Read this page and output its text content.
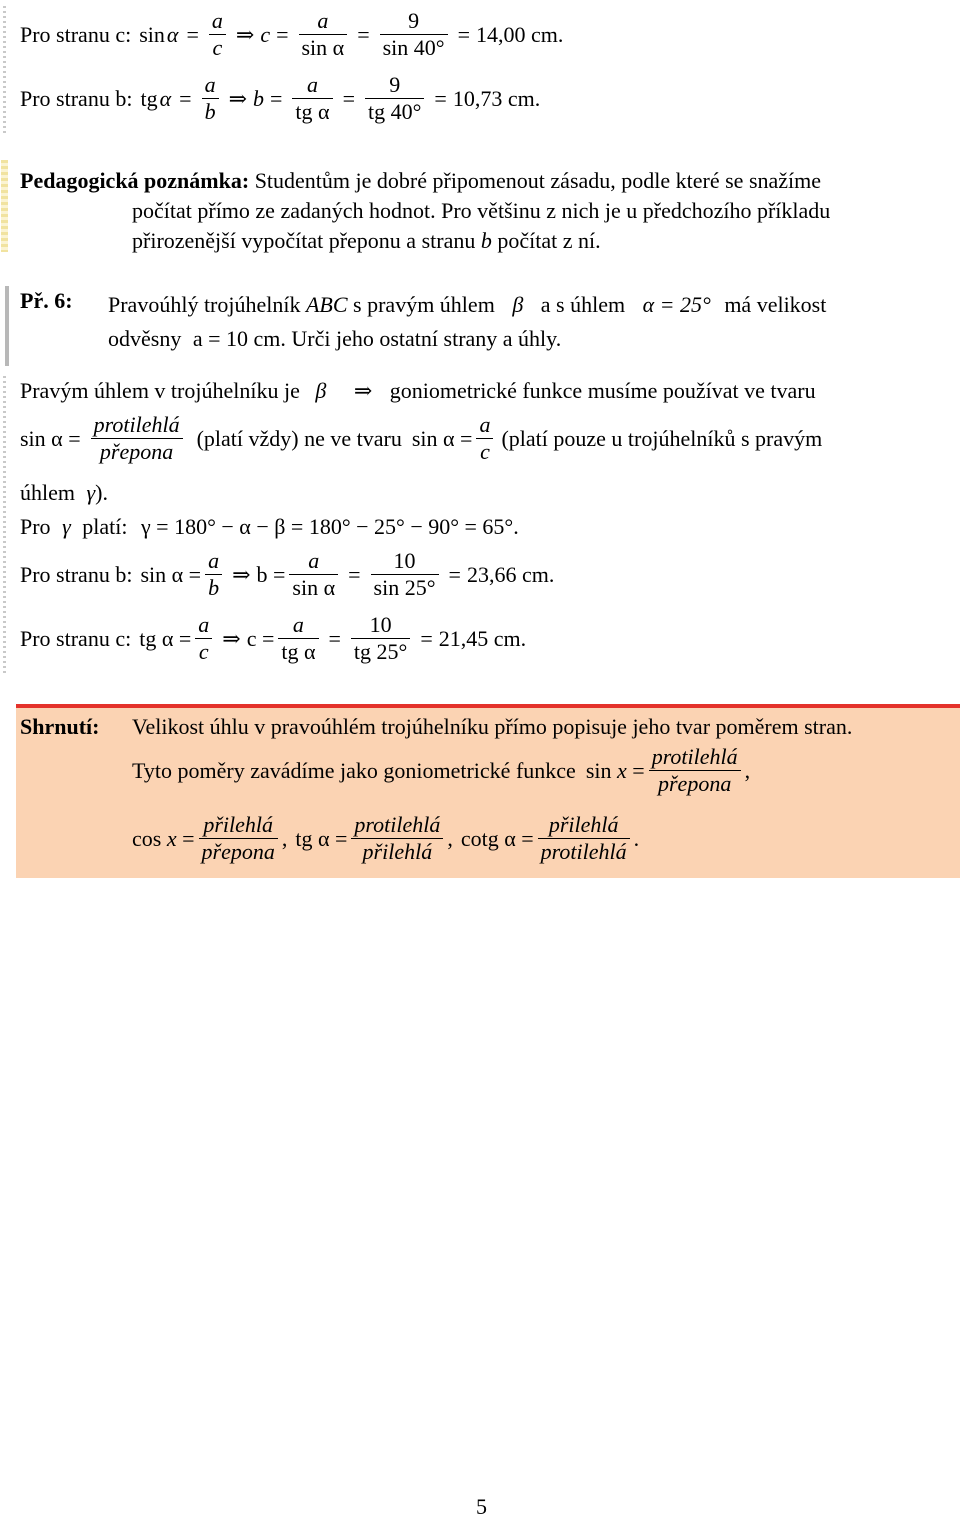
Pro stranu c: $\sin \alpha = \frac{a}{c}$ ⇒ $c = \frac{a}{\text{sin α}} = \frac{9}{\sin 40^\circ} = 14,00$ cm.
Pro stranu b: tg $\alpha = \frac{a}{b}$ ⇒ $b = \frac{a}{\text{tg α}} = \frac{9}{tg 40^\circ} = 10,73$ cm.
Pedagogická poznámka: Studentům je dobré připomenout zásadu, podle které se snažíme
počítat přímo ze zadaných hodnot. Pro většinu z nich je u předchozího příkladu
přirozenější vypočítat přeponu a stranu b počítat z ní.
Př. 6: Pravoúhlý trojúhelník ABC s pravým úhlem β a s úhlem α = 25° má velikost
odvěsny a = 10 cm. Urči jeho ostatní strany a úhly.
Pravým úhlem v trojúhelníku je β ⇒ goniometrické funkce musíme používat ve tvaru
$\sin \alpha = \frac{\text{protilehlá}}{\text{přepona}}$ (platí vždy) ne ve tvaru $\sin \alpha = \frac{a}{c}$ (platí pouze u trojúhelníků s pravým
úhlem γ).
Pro γ platí: γ = 180° − α − β = 180° − 25° − 90° = 65°.
Pro stranu b: $\sin \alpha = \frac{a}{b}$ ⇒ $b = \frac{a}{\text{sin α}} = \frac{10}{\sin 25^\circ} = 23,66$ cm.
Pro stranu c: tg $\alpha = \frac{a}{c}$ ⇒ $c = \frac{a}{\text{tg α}} = \frac{10}{tg 25^\circ} = 21,45$ cm.
Shrnutí: Velikost úhlu v pravoúhlém trojúhelníku přímo popisuje jeho tvar poměrem stran.
Tyto poměry zavádíme jako goniometrické funkce $\sin x = \frac{\text{protilehlá}}{\text{přepona}}$ ,
$\cos x = \frac{\text{přilehlá}}{\text{přepona}}$ , tg $\alpha = \frac{\text{protilehlá}}{\text{přilehlá}}$ , cotg $\alpha = \frac{\text{přilehlá}}{\text{protilehlá}}$ .
5
